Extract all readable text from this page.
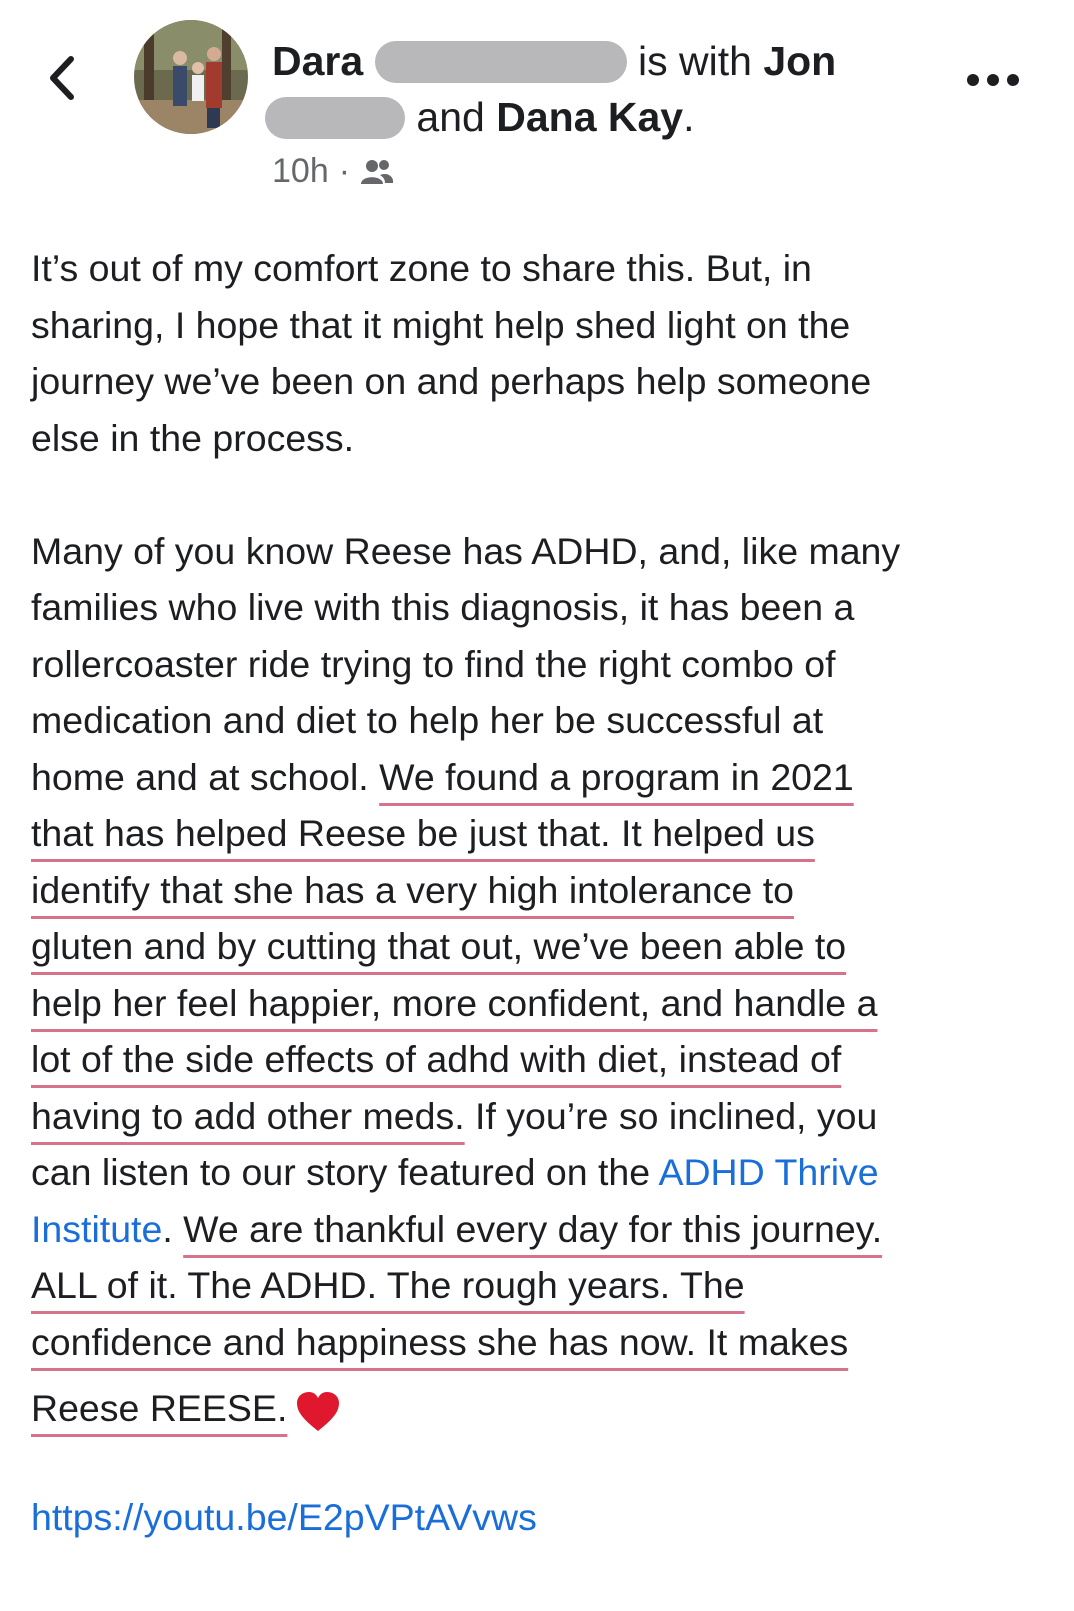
Dara	is with Jon
and Dana Kay.
10h ·
It’s out of my comfort zone to share this. But, in
sharing, I hope that it might help shed light on the
journey we’ve been on and perhaps help someone
else in the process.
Many of you know Reese has ADHD, and, like many
families who live with this diagnosis, it has been a
rollercoaster ride trying to find the right combo of
medication and diet to help her be successful at
home and at school. We found a program in 2021
that has helped Reese be just that. It helped us
identify that she has a very high intolerance to
gluten and by cutting that out, we’ve been able to
help her feel happier, more confident, and handle a
lot of the side effects of adhd with diet, instead of
having to add other meds. If you’re so inclined, you
can listen to our story featured on the ADHD Thrive
Institute. We are thankful every day for this journey.
ALL of it. The ADHD. The rough years. The
confidence and happiness she has now. It makes
Reese REESE.
https://youtu.be/E2pVPtAVvws
